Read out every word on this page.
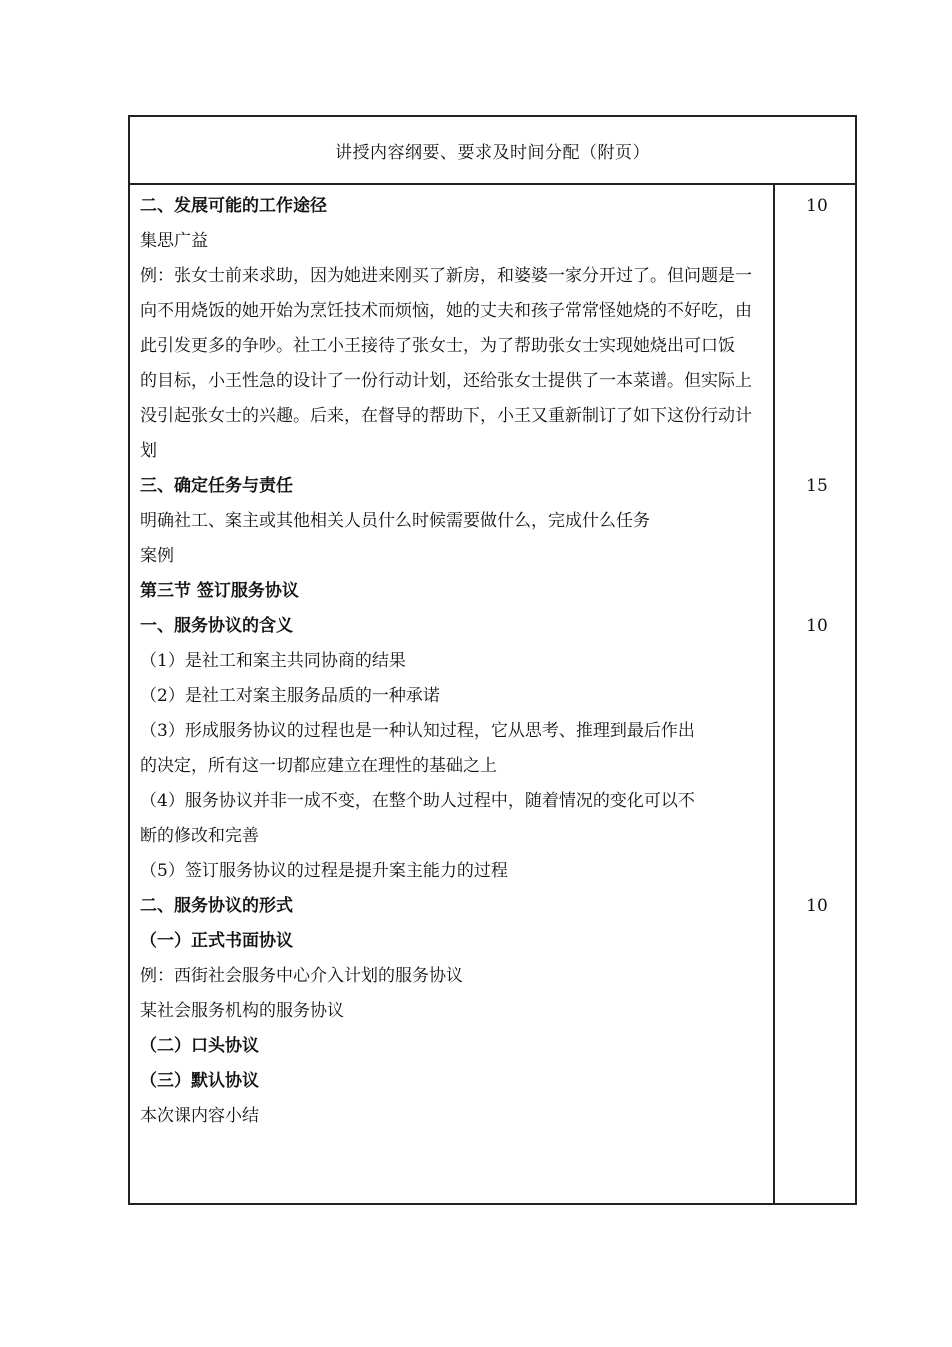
讲授内容纲要、要求及时间分配（附页）
二、发展可能的工作途径
集思广益
例：张女士前来求助，因为她进来刚买了新房，和婆婆一家分开过了。但问题是一
向不用烧饭的她开始为烹饪技术而烦恼，她的丈夫和孩子常常怪她烧的不好吃，由
此引发更多的争吵。社工小王接待了张女士，为了帮助张女士实现她烧出可口饭
的目标，小王性急的设计了一份行动计划，还给张女士提供了一本菜谱。但实际上
没引起张女士的兴趣。后来，在督导的帮助下，小王又重新制订了如下这份行动计
划
三、确定任务与责任
明确社工、案主或其他相关人员什么时候需要做什么，完成什么任务
案例
第三节 签订服务协议
一、服务协议的含义
（1）是社工和案主共同协商的结果
（2）是社工对案主服务品质的一种承诺
（3）形成服务协议的过程也是一种认知过程，它从思考、推理到最后作出
的决定，所有这一切都应建立在理性的基础之上
（4）服务协议并非一成不变，在整个助人过程中，随着情况的变化可以不
断的修改和完善
（5）签订服务协议的过程是提升案主能力的过程
二、服务协议的形式
（一）正式书面协议
例：西街社会服务中心介入计划的服务协议
某社会服务机构的服务协议
（二）口头协议
（三）默认协议
本次课内容小结
10
15
10
10
